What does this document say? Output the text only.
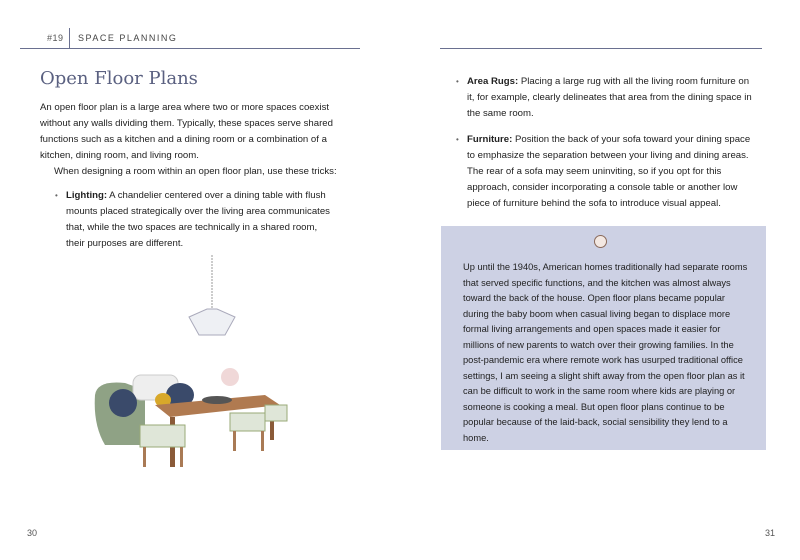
#19 SPACE PLANNING
Open Floor Plans

An open floor plan is a large area where two or more spaces coexist without any walls dividing them. Typically, these spaces serve shared functions such as a kitchen and a dining room or a combination of a kitchen, dining room, and living room.

When designing a room within an open floor plan, use these tricks:

• Lighting: A chandelier centered over a dining table with flush mounts placed strategically over the living area communicates that, while the two spaces are technically in a shared room, their purposes are different.
• Area Rugs: Placing a large rug with all the living room furniture on it, for example, clearly delineates that area from the dining space in the same room.
• Furniture: Position the back of your sofa toward your dining space to emphasize the separation between your living and dining areas. The rear of a sofa may seem uninviting, so if you opt for this approach, consider incorporating a console table or another low piece of furniture behind the sofa to introduce visual appeal.
Up until the 1940s, American homes traditionally had separate rooms that served specific functions, and the kitchen was almost always toward the back of the house. Open floor plans became popular during the baby boom when casual living began to displace more formal living arrangements and open spaces made it easier for millions of new parents to watch over their growing families. In the post-pandemic era where remote work has usurped traditional office settings, I am seeing a slight shift away from the open floor plan as it can be difficult to work in the same room where kids are playing or someone is cooking a meal. But open floor plans continue to be popular because of the laid-back, social sensibility they lend to a home.
30	31
